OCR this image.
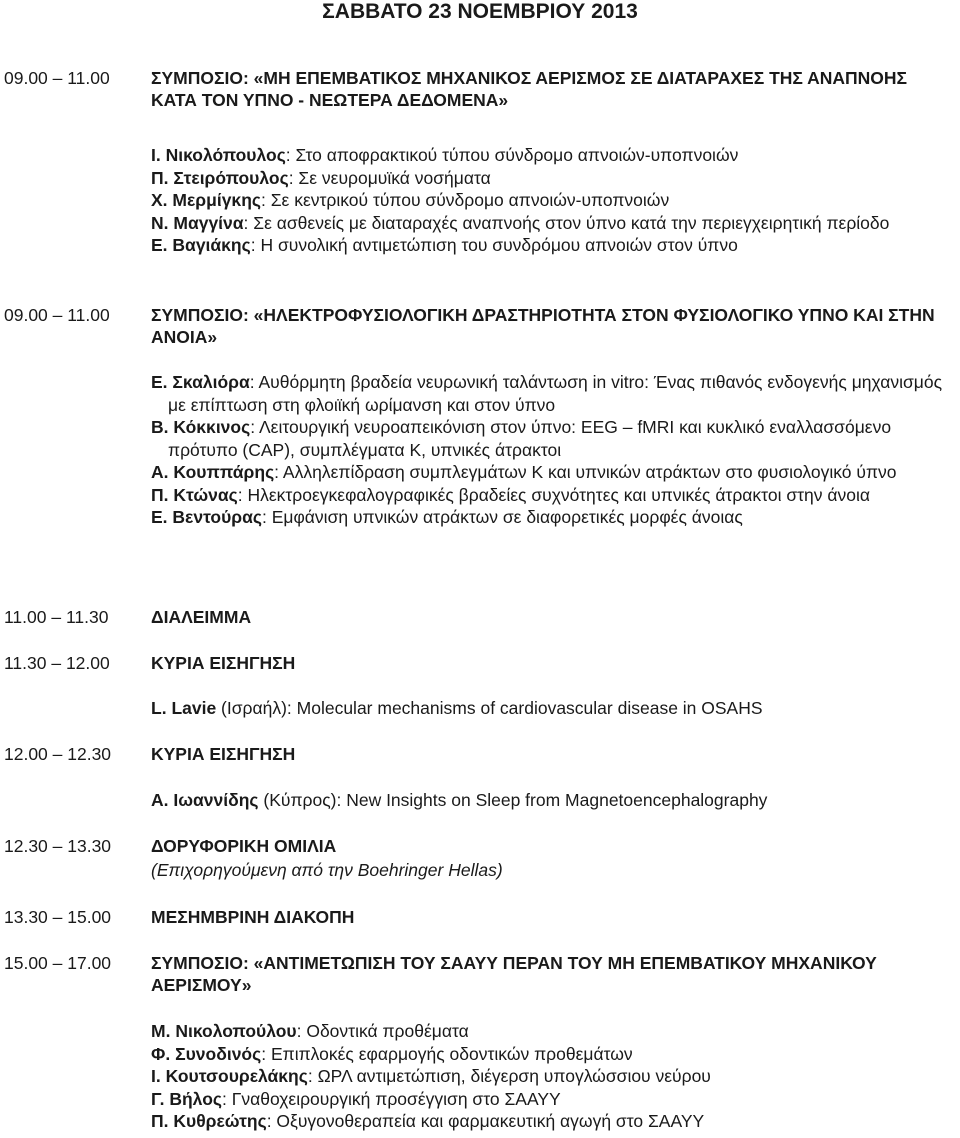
ΣΑΒΒΑΤΟ 23 ΝΟΕΜΒΡΙΟΥ 2013
09.00 – 11.00 ΣΥΜΠΟΣΙΟ: «ΜΗ ΕΠΕΜΒΑΤΙΚΟΣ ΜΗΧΑΝΙΚΟΣ ΑΕΡΙΣΜΟΣ ΣΕ ΔΙΑΤΑΡΑΧΕΣ ΤΗΣ ΑΝΑΠΝΟΗΣ ΚΑΤΑ ΤΟΝ ΥΠΝΟ - ΝΕΩΤΕΡΑ ΔΕΔΟΜΕΝΑ»

Ι. Νικολόπουλος: Στο αποφρακτικού τύπου σύνδρομο απνοιών-υποπνοιών

Π. Στειρόπουλος: Σε νευρομυϊκά νοσήματα

Χ. Μερμίγκης: Σε κεντρικού τύπου σύνδρομο απνοιών-υποπνοιών

Ν. Μαγγίνα: Σε ασθενείς με διαταραχές αναπνοής στον ύπνο κατά την περιεγχειρητική περίοδο

Ε. Βαγιάκης: Η συνολική αντιμετώπιση του συνδρόμου απνοιών στον ύπνο

09.00 – 11.00 ΣΥΜΠΟΣΙΟ: «ΗΛΕΚΤΡΟΦΥΣΙΟΛΟΓΙΚΗ ΔΡΑΣΤΗΡΙΟΤΗΤΑ ΣΤΟΝ ΦΥΣΙΟΛΟΓΙΚΟ ΥΠΝΟ ΚΑΙ ΣΤΗΝ ΑΝΟΙΑ»

Ε. Σκαλιόρα: Αυθόρμητη βραδεία νευρωνική ταλάντωση in vitro: Ένας πιθανός ενδογενής μηχανισμός με επίπτωση στη φλοιϊκή ωρίμανση και στον ύπνο

Β. Κόκκινος: Λειτουργική νευροαπεικόνιση στον ύπνο: EEG – fMRI και κυκλικό εναλλασσόμενο πρότυπο (CAP), συμπλέγματα Κ, υπνικές άτρακτοι

Α. Κουππάρης: Αλληλεπίδραση συμπλεγμάτων Κ και υπνικών ατράκτων στο φυσιολογικό ύπνο

Π. Κτώνας: Ηλεκτροεγκεφαλογραφικές βραδείες συχνότητες και υπνικές άτρακτοι στην άνοια

Ε. Βεντούρας: Εμφάνιση υπνικών ατράκτων σε διαφορετικές μορφές άνοιας

11.00 – 11.30 ΔΙΑΛΕΙΜΜΑ
11.30 – 12.00 ΚΥΡΙΑ ΕΙΣΗΓΗΣΗ

L. Lavie (Ισραήλ): Molecular mechanisms of cardiovascular disease in OSAHS

12.00 – 12.30 ΚΥΡΙΑ ΕΙΣΗΓΗΣΗ

Α. Ιωαννίδης (Κύπρος): New Insights on Sleep from Magnetoencephalography

12.30 – 13.30 ΔΟΡΥΦΟΡΙΚΗ ΟΜΙΛΙΑ
(Επιχορηγούμενη από την Boehringer Hellas)
13.30 – 15.00 ΜΕΣΗΜΒΡΙΝΗ ΔΙΑΚΟΠΗ
15.00 – 17.00 ΣΥΜΠΟΣΙΟ: «ΑΝΤΙΜΕΤΩΠΙΣΗ ΤΟΥ ΣΑΑΥΥ ΠΕΡΑΝ ΤΟΥ ΜΗ ΕΠΕΜΒΑΤΙΚΟΥ ΜΗΧΑΝΙΚΟΥ ΑΕΡΙΣΜΟΥ»

Μ. Νικολοπούλου: Οδοντικά προθέματα

Φ. Συνοδινός: Επιπλοκές εφαρμογής οδοντικών προθεμάτων

Ι. Κουτσουρελάκης: ΩΡΛ αντιμετώπιση, διέγερση υπογλώσσιου νεύρου

Γ. Βήλος: Γναθοχειρουργική προσέγγιση στο ΣΑΑΥΥ

Π. Κυθρεώτης: Οξυγονοθεραπεία και φαρμακευτική αγωγή στο ΣΑΑΥΥ
